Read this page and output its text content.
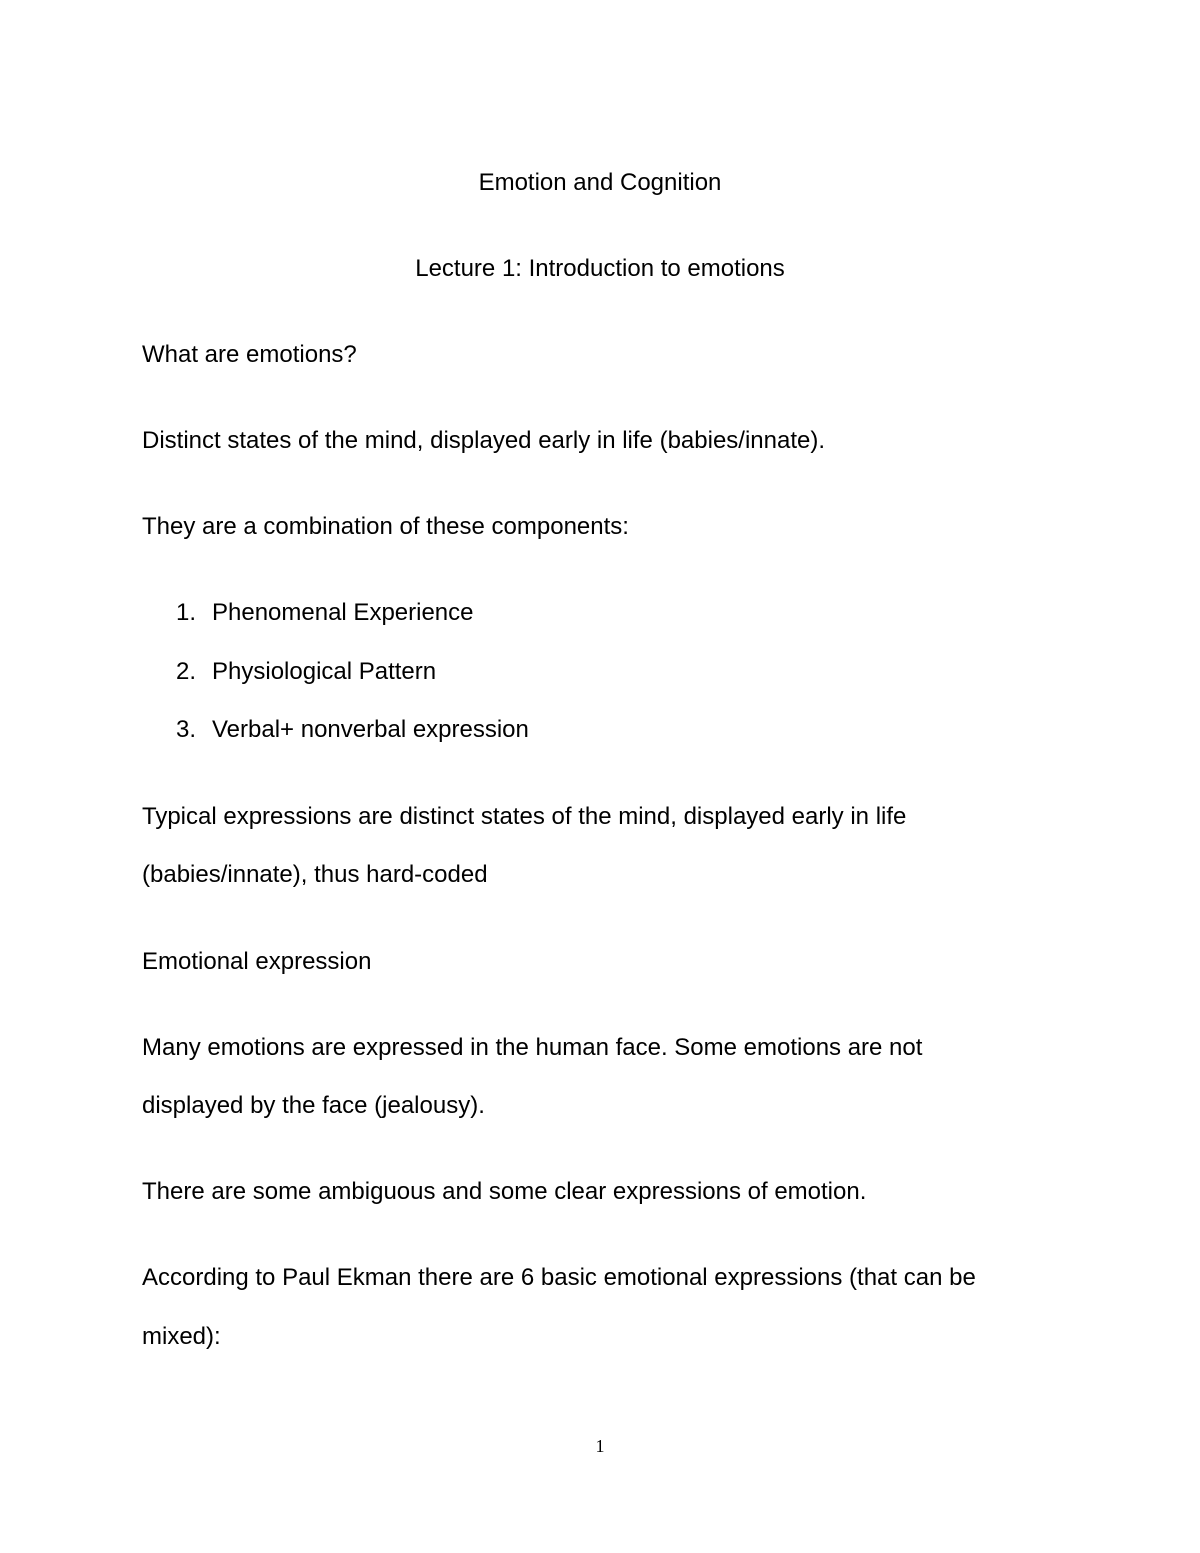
Emotion and Cognition

Lecture 1: Introduction to emotions

What are emotions?

Distinct states of the mind, displayed early in life (babies/innate).

They are a combination of these components:

1. Phenomenal Experience
2. Physiological Pattern
3. Verbal+ nonverbal expression

Typical expressions are distinct states of the mind, displayed early in life

(babies/innate), thus hard-coded

Emotional expression

Many emotions are expressed in the human face. Some emotions are not

displayed by the face (jealousy).

There are some ambiguous and some clear expressions of emotion.

According to Paul Ekman there are 6 basic emotional expressions (that can be

mixed):

1
